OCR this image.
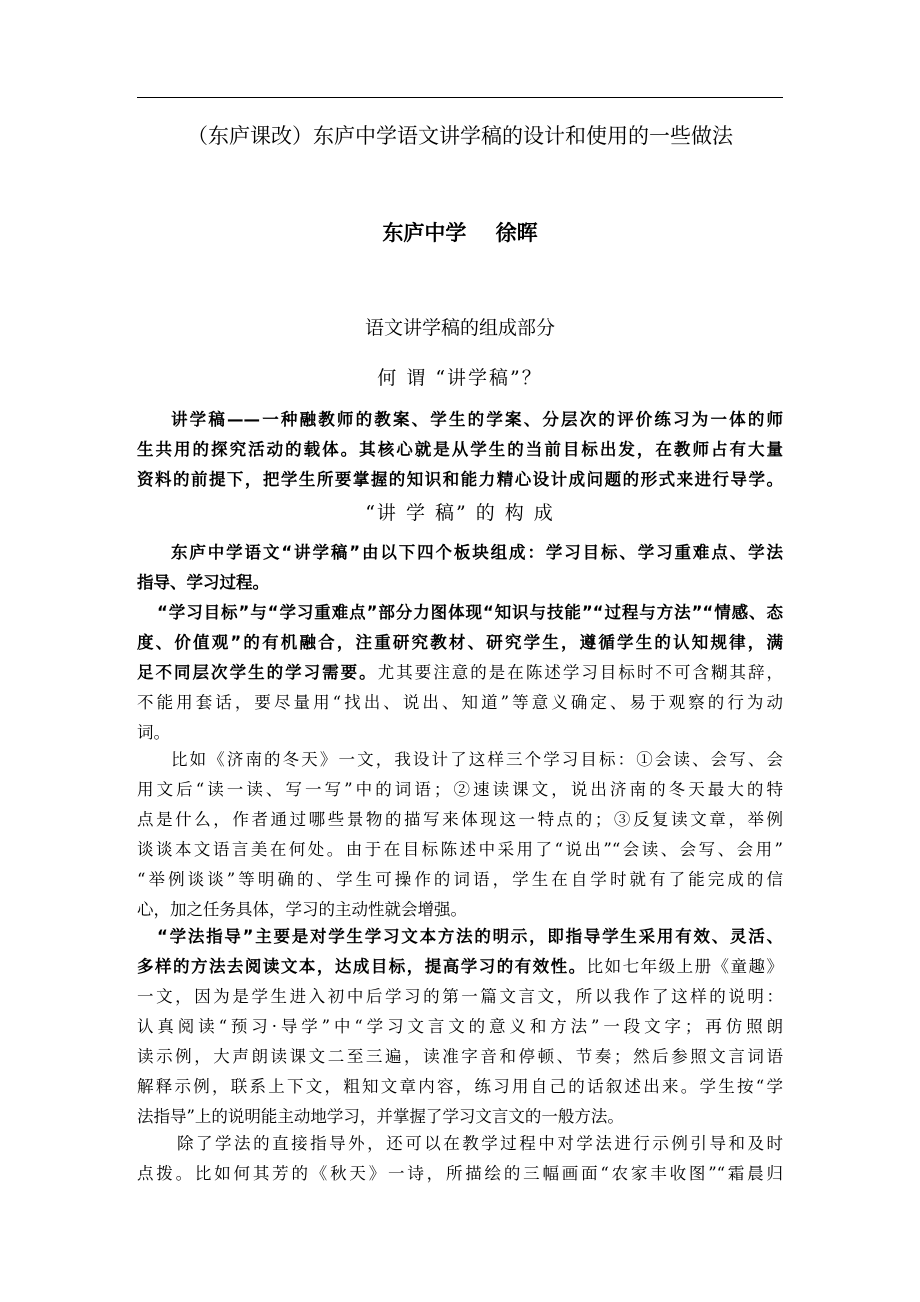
（东庐课改）东庐中学语文讲学稿的设计和使用的一些做法
东庐中学    徐晖
语文讲学稿的组成部分
何 谓 “讲学稿”？
讲学稿——一种融教师的教案、学生的学案、分层次的评价练习为一体的师
生共用的探究活动的载体。其核心就是从学生的当前目标出发，在教师占有大量
资料的前提下，把学生所要掌握的知识和能力精心设计成问题的形式来进行导学。
“讲 学 稿” 的 构 成
东庐中学语文“讲学稿”由以下四个板块组成：学习目标、学习重难点、学法
指导、学习过程。
“学习目标”与“学习重难点”部分力图体现“知识与技能”“过程与方法”“情感、态
度、价值观”的有机融合，注重研究教材、研究学生，遵循学生的认知规律，满
足不同层次学生的学习需要。尤其要注意的是在陈述学习目标时不可含糊其辞，
不能用套话，要尽量用“找出、说出、知道”等意义确定、易于观察的行为动
词。
比如《济南的冬天》一文，我设计了这样三个学习目标：①会读、会写、会
用文后“读一读、写一写”中的词语；②速读课文，说出济南的冬天最大的特
点是什么，作者通过哪些景物的描写来体现这一特点的；③反复读文章，举例
谈谈本文语言美在何处。由于在目标陈述中采用了“说出”“会读、会写、会用”
“举例谈谈”等明确的、学生可操作的词语，学生在自学时就有了能完成的信
心，加之任务具体，学习的主动性就会增强。
“学法指导”主要是对学生学习文本方法的明示，即指导学生采用有效、灵活、
多样的方法去阅读文本，达成目标，提高学习的有效性。比如七年级上册《童趣》
一文，因为是学生进入初中后学习的第一篇文言文，所以我作了这样的说明：
认真阅读“预习·导学”中“学习文言文的意义和方法”一段文字；再仿照朗
读示例，大声朗读课文二至三遍，读准字音和停顿、节奏；然后参照文言词语
解释示例，联系上下文，粗知文章内容，练习用自己的话叙述出来。学生按“学
法指导”上的说明能主动地学习，并掌握了学习文言文的一般方法。
除了学法的直接指导外，还可以在教学过程中对学法进行示例引导和及时
点拨。比如何其芳的《秋天》一诗，所描绘的三幅画面“农家丰收图”“霜晨归
